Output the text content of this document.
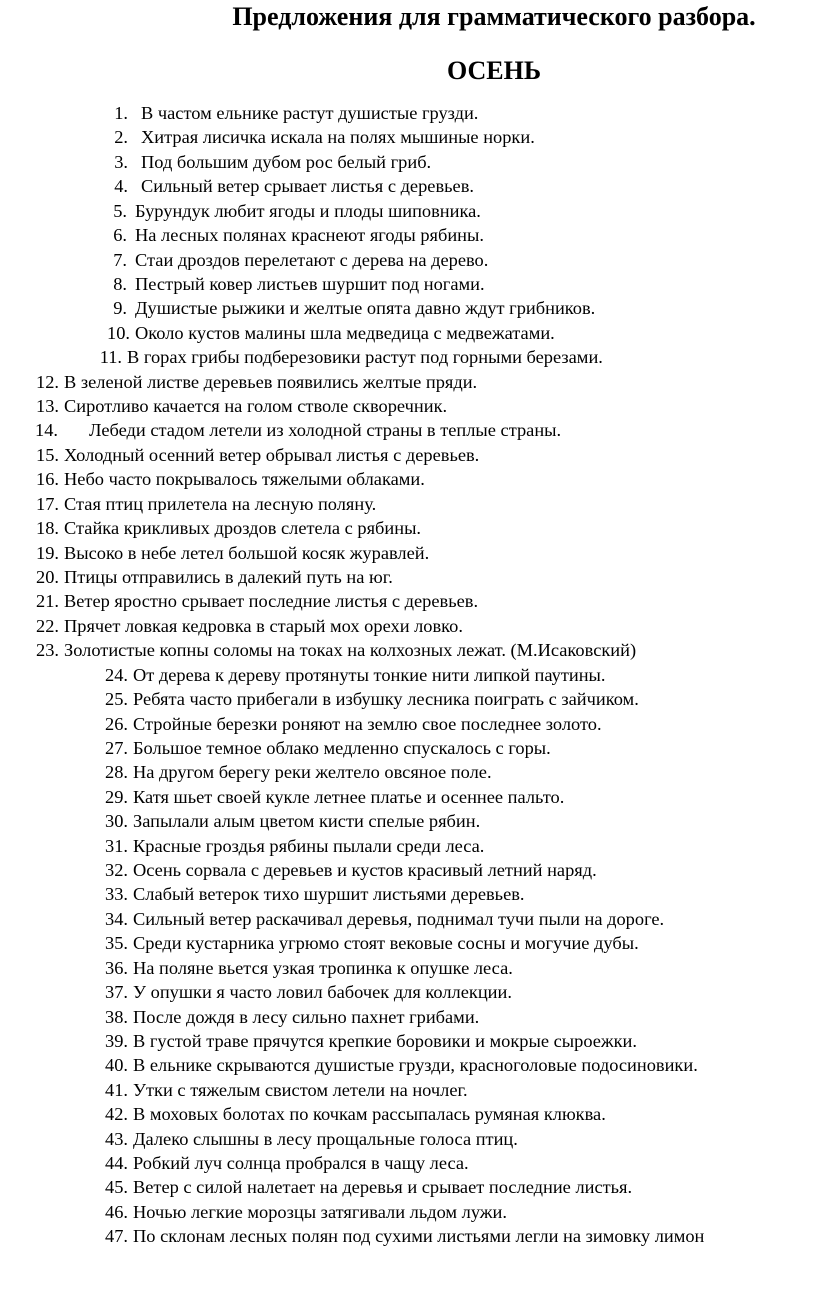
Предложения для грамматического разбора.
ОСЕНЬ
1. В частом ельнике растут душистые грузди.
2. Хитрая лисичка искала на полях мышиные норки.
3. Под большим дубом рос белый гриб.
4. Сильный ветер срывает листья с деревьев.
5. Бурундук любит ягоды и плоды шиповника.
6. На лесных полянах краснеют ягоды рябины.
7. Стаи дроздов перелетают с дерева на дерево.
8. Пестрый ковер листьев шуршит под ногами.
9. Душистые рыжики и желтые опята давно ждут грибников.
10. Около кустов малины шла медведица с медвежатами.
11. В горах грибы подберезовики растут под горными березами.
12. В зеленой листве деревьев появились желтые пряди.
13. Сиротливо качается на голом стволе скворечник.
14. Лебеди стадом летели из холодной страны в теплые страны.
15. Холодный осенний ветер обрывал листья с деревьев.
16. Небо часто покрывалось тяжелыми облаками.
17. Стая птиц прилетела на лесную поляну.
18. Стайка крикливых дроздов слетела с рябины.
19. Высоко в небе летел большой косяк журавлей.
20. Птицы отправились в далекий путь на юг.
21. Ветер яростно срывает последние листья с деревьев.
22. Прячет ловкая кедровка в старый мох орехи ловко.
23. Золотистые копны соломы на токах на колхозных лежат. (М.Исаковский)
24. От дерева к дереву протянуты тонкие нити липкой паутины.
25. Ребята часто прибегали в избушку лесника поиграть с зайчиком.
26. Стройные березки роняют на землю свое последнее золото.
27. Большое темное облако медленно спускалось с горы.
28. На другом берегу реки желтело овсяное поле.
29. Катя шьет своей кукле летнее платье и осеннее пальто.
30. Запылали алым цветом кисти спелые рябин.
31. Красные гроздья рябины пылали среди леса.
32. Осень сорвала с деревьев и кустов красивый летний наряд.
33. Слабый ветерок тихо шуршит листьями деревьев.
34. Сильный ветер раскачивал деревья, поднимал тучи пыли на дороге.
35. Среди кустарника угрюмо стоят вековые сосны и могучие дубы.
36. На поляне вьется узкая тропинка к опушке леса.
37. У опушки я часто ловил бабочек для коллекции.
38. После дождя в лесу сильно пахнет грибами.
39. В густой траве прячутся крепкие боровики и мокрые сыроежки.
40. В ельнике скрываются душистые грузди, красноголовые подосиновики.
41. Утки с тяжелым свистом летели на ночлег.
42. В моховых болотах по кочкам рассыпалась румяная клюква.
43. Далеко слышны в лесу прощальные голоса птиц.
44. Робкий луч солнца пробрался в чащу леса.
45. Ветер с силой налетает на деревья и срывает последние листья.
46. Ночью легкие морозцы затягивали льдом лужи.
47. По склонам лесных полян под сухими листьями легли на зимовку лимон
